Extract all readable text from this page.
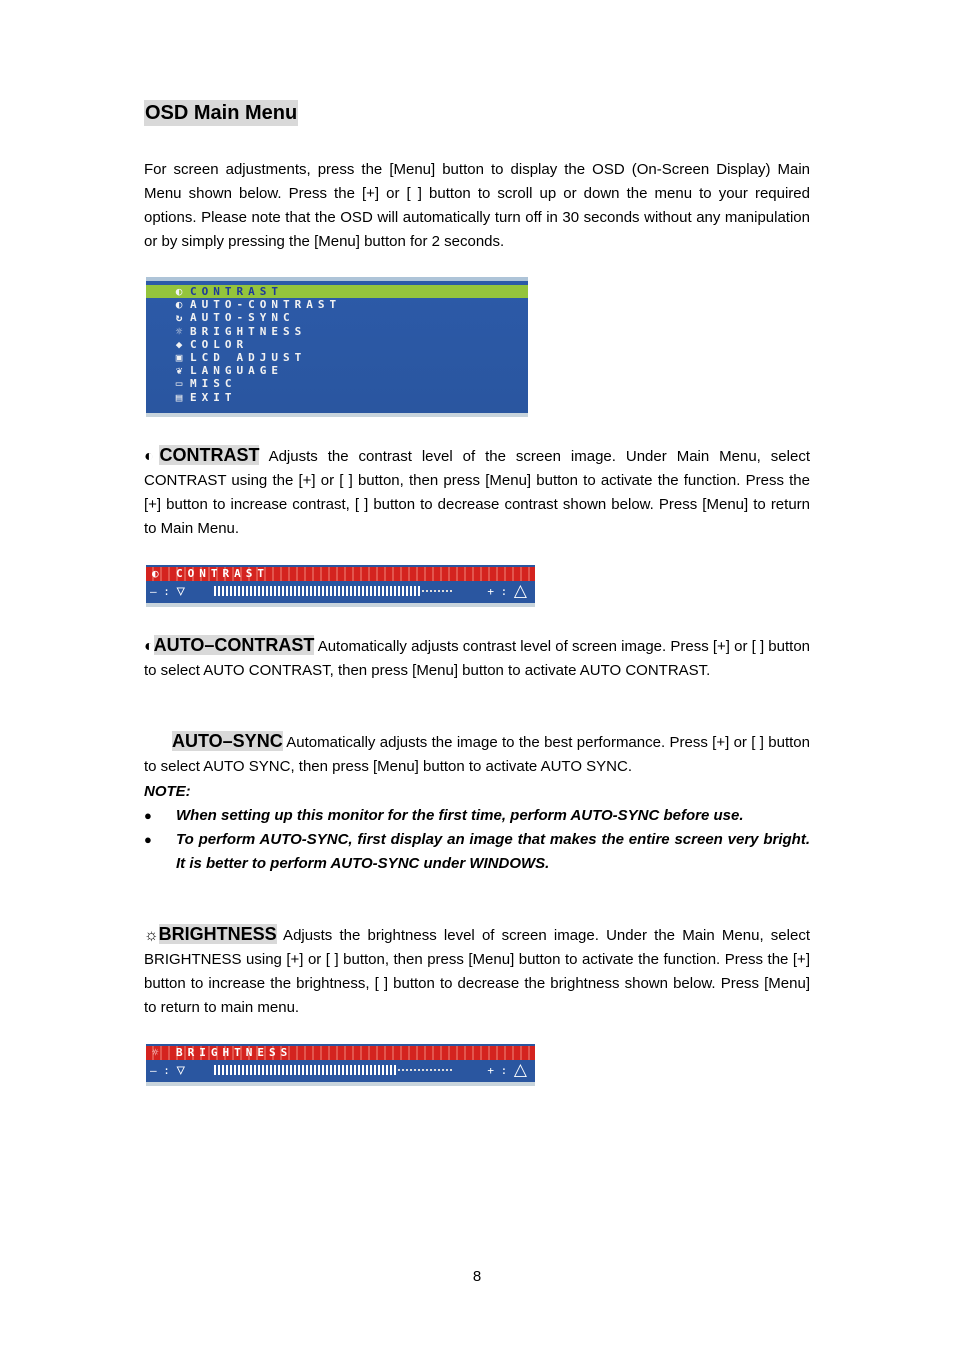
OSD Main Menu
For screen adjustments, press the [Menu] button to display the OSD (On-Screen Display) Main Menu shown below. Press the [+] or [ ] button to scroll up or down the menu to your required options. Please note that the OSD will automatically turn off in 30 seconds without any manipulation or by simply pressing the [Menu] button for 2 seconds.
◐ CONTRAST
◐ AUTO-CONTRAST
↻ AUTO-SYNC
☼ BRIGHTNESS
◆ COLOR
▣ LCD ADJUST
❦ LANGUAGE
▭ MISC
▤ EXIT
◐CONTRAST Adjusts the contrast level of the screen image. Under Main Menu, select CONTRAST using the [+] or [ ] button, then press [Menu] button to activate the function. Press the [+] button to increase contrast, [ ] button to decrease contrast shown below. Press [Menu] to return to Main Menu.
◐ CONTRAST
— : ▿	+ : △
◐AUTO–CONTRAST Automatically adjusts contrast level of screen image. Press [+] or [ ] button to select AUTO CONTRAST, then press [Menu] button to activate AUTO CONTRAST.
AUTO–SYNC Automatically adjusts the image to the best performance. Press [+] or [ ] button to select AUTO SYNC, then press [Menu] button to activate AUTO SYNC.
NOTE:
● When setting up this monitor for the first time, perform AUTO-SYNC before use.
● To perform AUTO-SYNC, first display an image that makes the entire screen very bright. It is better to perform AUTO-SYNC under WINDOWS.
☼BRIGHTNESS Adjusts the brightness level of screen image. Under the Main Menu, select BRIGHTNESS using [+] or [ ] button, then press [Menu] button to activate the function. Press the [+] button to increase the brightness, [ ] button to decrease the brightness shown below. Press [Menu] to return to main menu.
☼ BRIGHTNESS
— : ▿	+ : △
8
